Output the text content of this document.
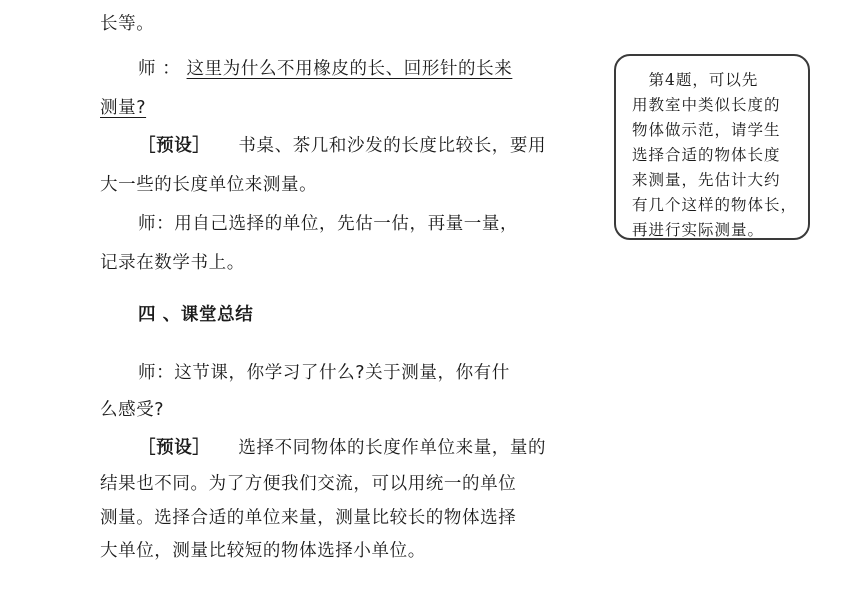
长等。
师 ： 这里为什么不用橡皮的长、回形针的长来
测量?
［预设］ 书桌、茶几和沙发的长度比较长，要用
大一些的长度单位来测量。
师：用自己选择的单位，先估一估，再量一量，
记录在数学书上。
四 、课堂总结
师：这节课，你学习了什么?关于测量，你有什
么感受?
［预设］ 选择不同物体的长度作单位来量，量的
结果也不同。为了方便我们交流，可以用统一的单位
测量。选择合适的单位来量，测量比较长的物体选择
大单位，测量比较短的物体选择小单位。
　第4题，可以先
用教室中类似长度的
物体做示范，请学生
选择合适的物体长度
来测量，先估计大约
有几个这样的物体长，
再进行实际测量。
